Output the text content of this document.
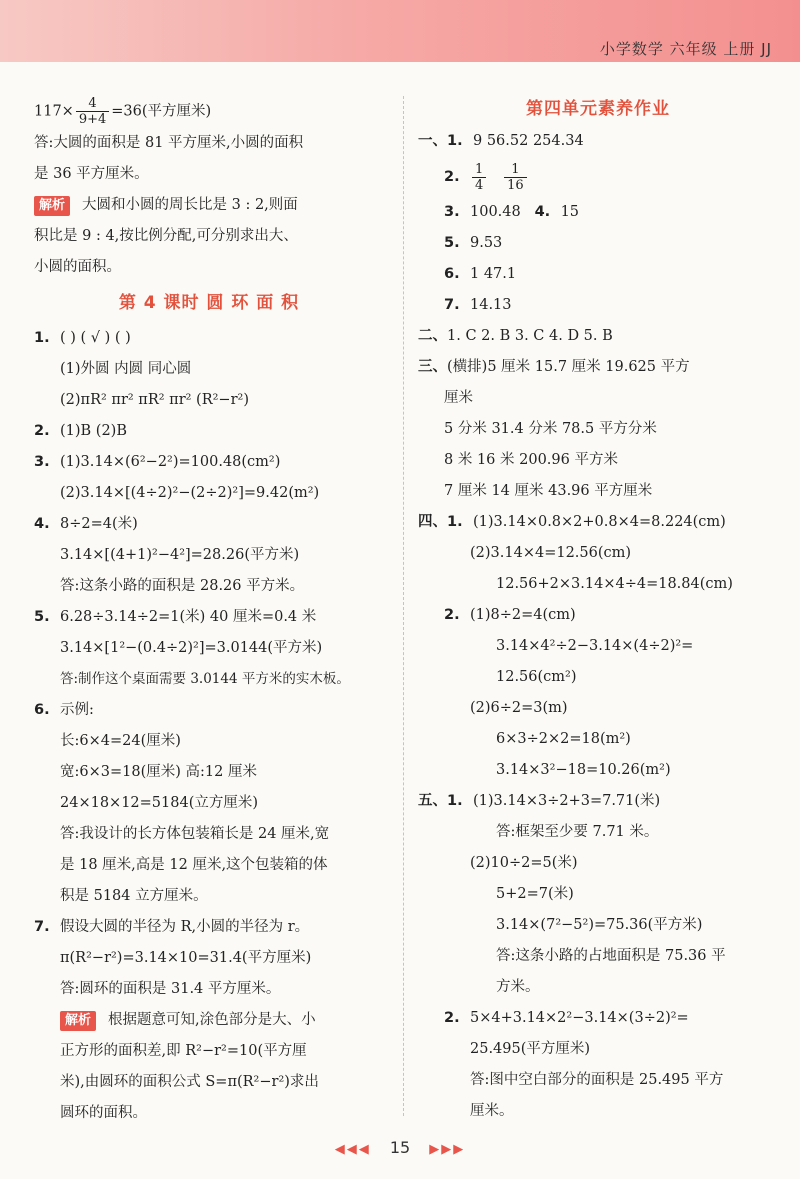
小学数学 六年级 上册 JJ
$117\times \frac{4}{9+4} =36$(平方厘米)
答:大圆的面积是 81 平方厘米,小圆的面积
是 36 平方厘米。
解析 大圆和小圆的周长比是 3 : 2,则面
积比是 9 : 4,按比例分配,可分别求出大、
小圆的面积。
第 4 课时 圆 环 面 积
1. ( ) ( √ ) ( )
(1)外圆 内圆 同心圆
(2)πR² πr² πR² πr² (R²−r²)
2. (1)B (2)B
3. (1)3.14×(6²−2²)=100.48(cm²)
(2)3.14×[(4÷2)²−(2÷2)²]=9.42(m²)
4. 8÷2=4(米)
3.14×[(4+1)²−4²]=28.26(平方米)
答:这条小路的面积是 28.26 平方米。
5. 6.28÷3.14÷2=1(米) 40 厘米=0.4 米
3.14×[1²−(0.4÷2)²]=3.0144(平方米)
答:制作这个桌面需要 3.0144 平方米的实木板。
6. 示例:
长:6×4=24(厘米)
宽:6×3=18(厘米) 高:12 厘米
24×18×12=5184(立方厘米)
答:我设计的长方体包装箱长是 24 厘米,宽
是 18 厘米,高是 12 厘米,这个包装箱的体
积是 5184 立方厘米。
7. 假设大圆的半径为 R,小圆的半径为 r。
π(R²−r²)=3.14×10=31.4(平方厘米)
答:圆环的面积是 31.4 平方厘米。
解析 根据题意可知,涂色部分是大、小
正方形的面积差,即 R²−r²=10(平方厘
米),由圆环的面积公式 S=π(R²−r²)求出
圆环的面积。
第四单元素养作业
一、1. 9 56.52 254.34
2. $\frac{1}{4}$
$\frac{1}{16}$
3. 100.48 4. 15
5. 9.53
6. 1 47.1
7. 14.13
二、1. C 2. B 3. C 4. D 5. B
三、(横排)5 厘米 15.7 厘米 19.625 平方
厘米
5 分米 31.4 分米 78.5 平方分米
8 米 16 米 200.96 平方米
7 厘米 14 厘米 43.96 平方厘米
四、1. (1)3.14×0.8×2+0.8×4=8.224(cm)
(2)3.14×4=12.56(cm)
12.56+2×3.14×4÷4=18.84(cm)
2. (1)8÷2=4(cm)
3.14×4²÷2−3.14×(4÷2)²=
12.56(cm²)
(2)6÷2=3(m)
6×3÷2×2=18(m²)
3.14×3²−18=10.26(m²)
五、1. (1)3.14×3÷2+3=7.71(米)
答:框架至少要 7.71 米。
(2)10÷2=5(米)
5+2=7(米)
3.14×(7²−5²)=75.36(平方米)
答:这条小路的占地面积是 75.36 平
方米。
2. 5×4+3.14×2²−3.14×(3÷2)²=
25.495(平方厘米)
答:图中空白部分的面积是 25.495 平方
厘米。
◀◀◀ 15 ▶▶▶
